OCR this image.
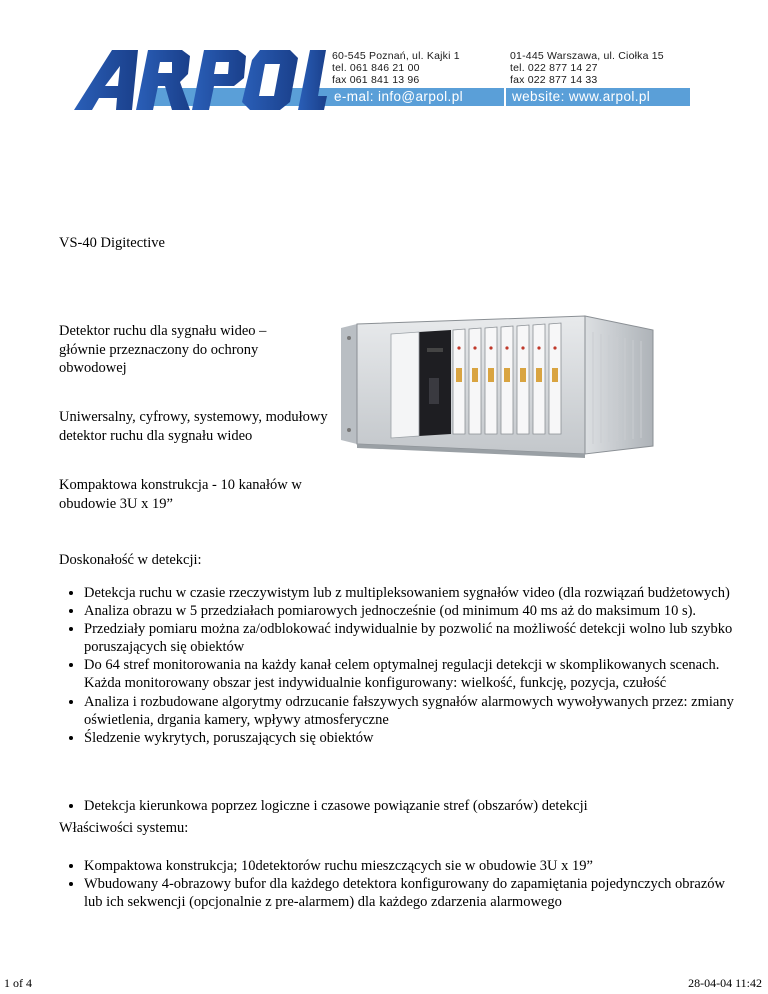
60-545 Poznań, ul. Kajki 1
tel. 061 846 21 00
fax 061 841 13 96
01-445 Warszawa, ul. Ciołka 15
tel. 022 877 14 27
fax 022 877 14 33
e-mal: info@arpol.pl	website: www.arpol.pl
VS-40 Digitective
Detektor ruchu dla sygnału wideo – głównie przeznaczony do ochrony obwodowej
Uniwersalny, cyfrowy, systemowy, modułowy detektor ruchu dla sygnału wideo
Kompaktowa konstrukcja - 10 kanałów w obudowie 3U x 19”
Doskonałość w detekcji:
• Detekcja ruchu w czasie rzeczywistym lub z multipleksowaniem sygnałów video (dla rozwiązań budżetowych)
• Analiza obrazu w 5 przedziałach pomiarowych jednocześnie (od minimum 40 ms aż do maksimum 10 s).
• Przedziały pomiaru można za/odblokować indywidualnie by pozwolić na możliwość detekcji wolno lub szybko poruszających się obiektów
• Do 64 stref monitorowania na każdy kanał celem optymalnej regulacji detekcji w skomplikowanych scenach. Każda monitorowany obszar jest indywidualnie konfigurowany: wielkość, funkcję, pozycja, czułość
• Analiza i rozbudowane algorytmy odrzucanie fałszywych sygnałów alarmowych wywoływanych przez: zmiany oświetlenia, drgania kamery, wpływy atmosferyczne
• Śledzenie wykrytych, poruszających się obiektów
• Detekcja kierunkowa poprzez logiczne i czasowe powiązanie stref (obszarów) detekcji
Właściwości systemu:
• Kompaktowa konstrukcja; 10detektorów ruchu mieszczących sie w obudowie 3U x 19”
• Wbudowany 4-obrazowy bufor dla każdego detektora konfigurowany do zapamiętania pojedynczych obrazów lub ich sekwencji (opcjonalnie z pre-alarmem) dla każdego zdarzenia alarmowego
1 of 4	28-04-04 11:42
